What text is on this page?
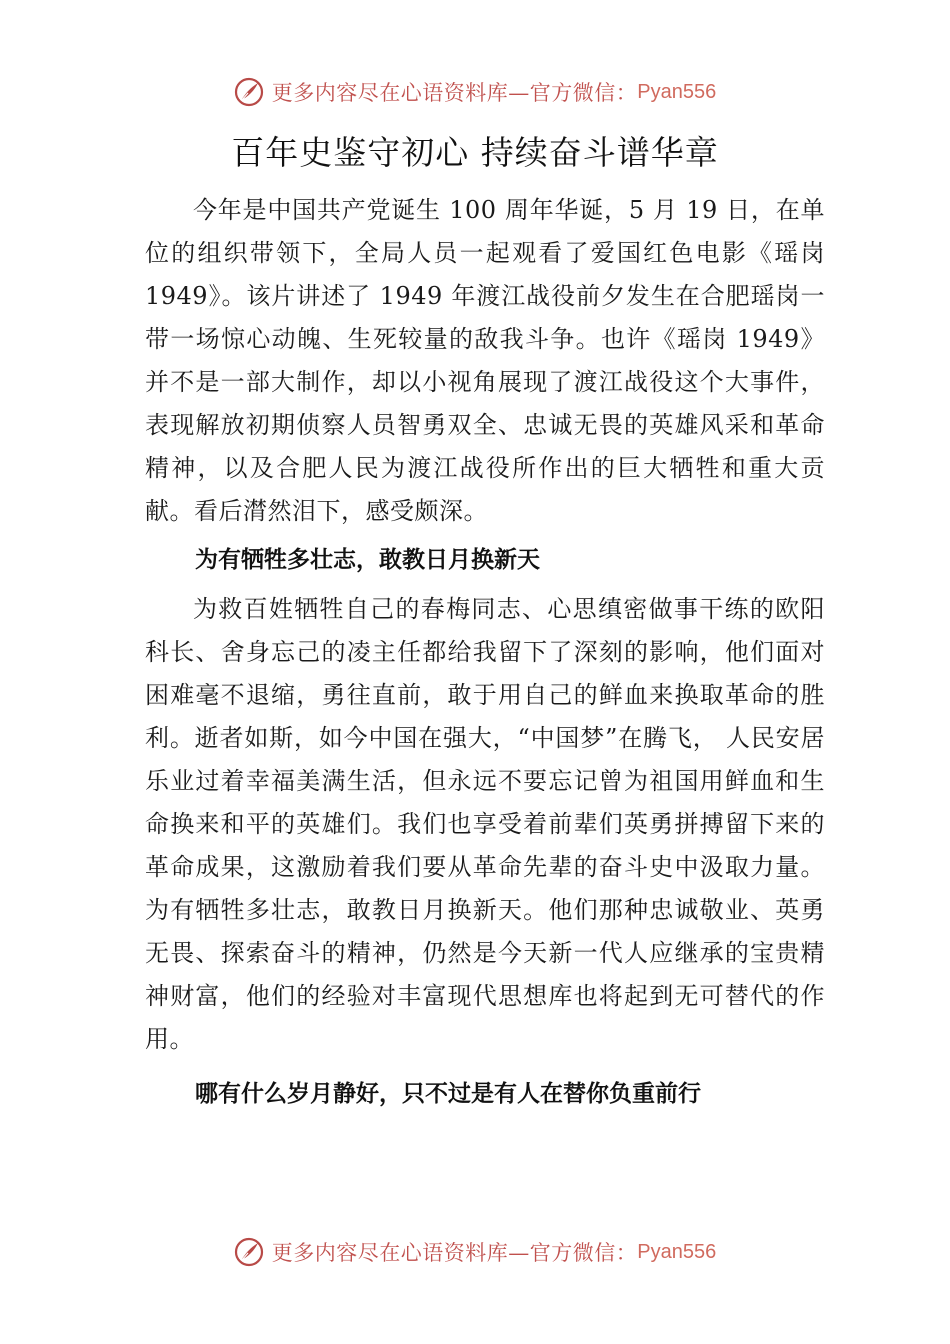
更多内容尽在心语资料库—官方微信： Pyan556
百年史鉴守初心 持续奋斗谱华章

今年是中国共产党诞生 100 周年华诞，5 月 19 日，在单位的组织带领下，全局人员一起观看了爱国红色电影《瑶岗1949》。该片讲述了 1949 年渡江战役前夕发生在合肥瑶岗一带一场惊心动魄、生死较量的敌我斗争。也许《瑶岗 1949》并不是一部大制作，却以小视角展现了渡江战役这个大事件，表现解放初期侦察人员智勇双全、忠诚无畏的英雄风采和革命精神，以及合肥人民为渡江战役所作出的巨大牺牲和重大贡献。看后潸然泪下，感受颇深。

为有牺牲多壮志，敢教日月换新天

为救百姓牺牲自己的春梅同志、心思缜密做事干练的欧阳科长、舍身忘己的凌主任都给我留下了深刻的影响，他们面对困难毫不退缩，勇往直前，敢于用自己的鲜血来换取革命的胜利。逝者如斯，如今中国在强大，“中国梦”在腾飞， 人民安居乐业过着幸福美满生活，但永远不要忘记曾为祖国用鲜血和生命换来和平的英雄们。我们也享受着前辈们英勇拼搏留下来的革命成果，这激励着我们要从革命先辈的奋斗史中汲取力量。为有牺牲多壮志，敢教日月换新天。他们那种忠诚敬业、英勇无畏、探索奋斗的精神，仍然是今天新一代人应继承的宝贵精神财富，他们的经验对丰富现代思想库也将起到无可替代的作用。

哪有什么岁月静好，只不过是有人在替你负重前行

更多内容尽在心语资料库—官方微信： Pyan556
